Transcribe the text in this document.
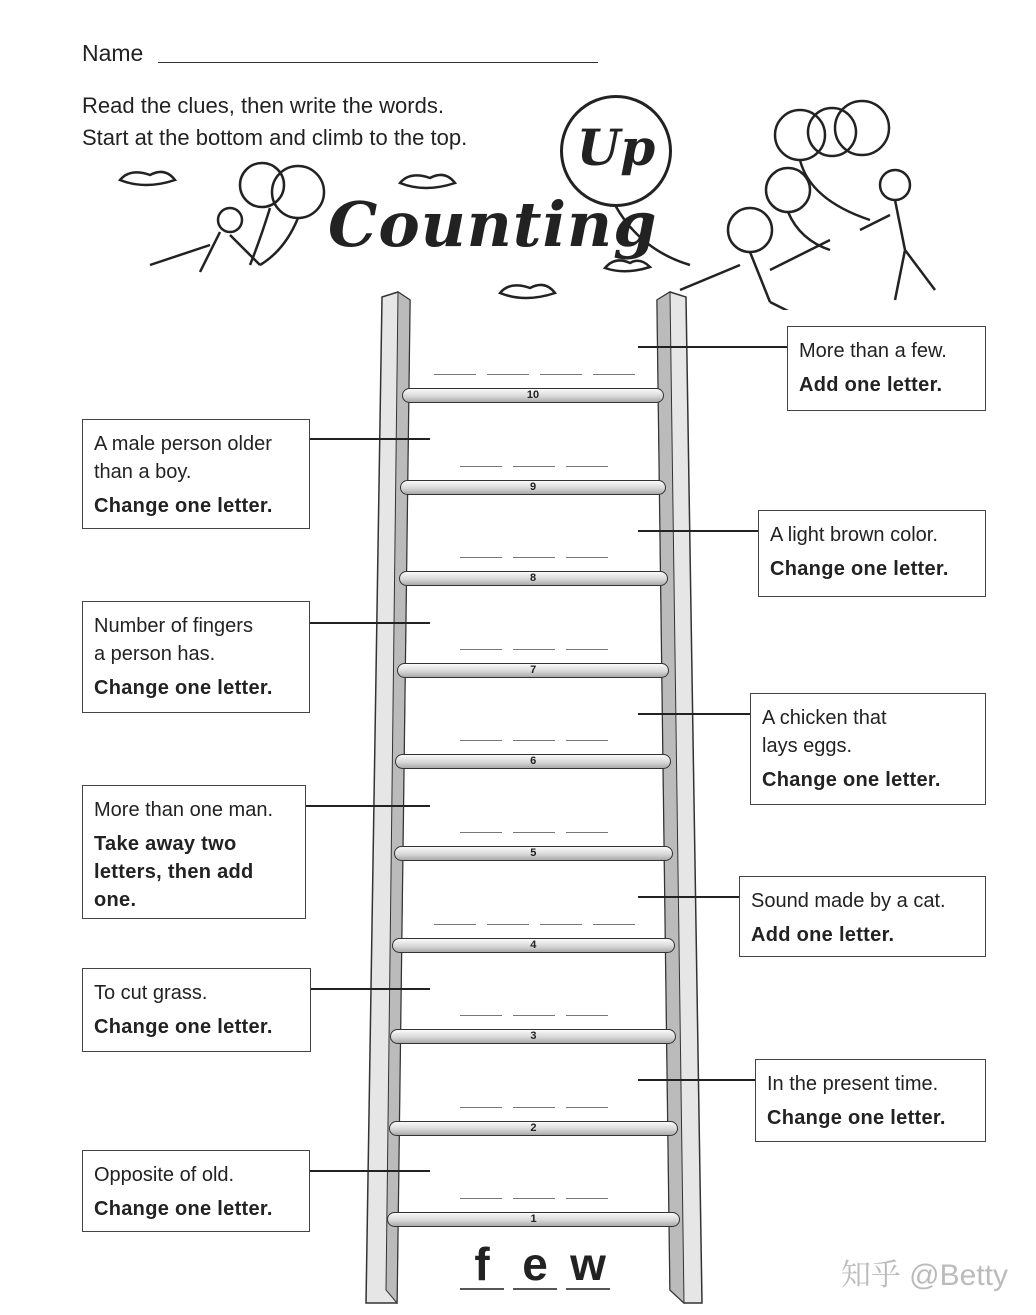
Name
Read the clues, then write the words.
Start at the bottom and climb to the top.
Counting
Up
1
Opposite of old.
Change one letter.
2
In the present time.
Change one letter.
3
To cut grass.
Change one letter.
4
Sound made by a cat.
Add one letter.
5
More than one man.
Take away two
letters, then add
one.
6
A chicken that
lays eggs.
Change one letter.
7
Number of fingers
a person has.
Change one letter.
8
A light brown color.
Change one letter.
9
A male person older
than a boy.
Change one letter.
10
More than a few.
Add one letter.
f e w	知乎 @Betty
